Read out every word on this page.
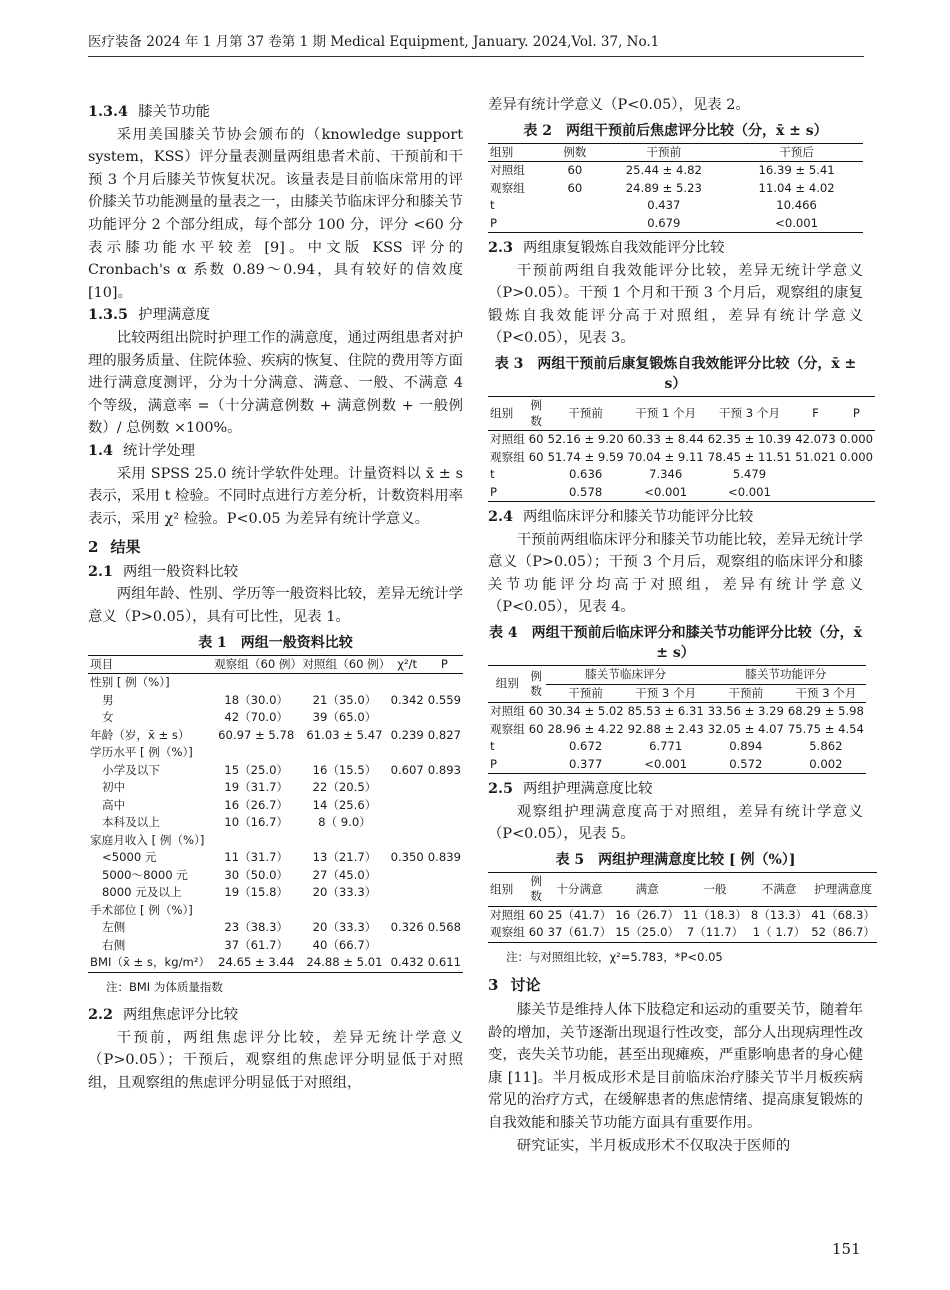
医疗装备 2024 年 1 月第 37 卷第 1 期 Medical Equipment, January. 2024,Vol. 37, No.1
1.3.4 膝关节功能

采用美国膝关节协会颁布的（knowledge support system，KSS）评分量表测量两组患者术前、干预前和干预 3 个月后膝关节恢复状况。该量表是目前临床常用的评价膝关节功能测量的量表之一，由膝关节临床评分和膝关节功能评分 2 个部分组成，每个部分 100 分，评分 <60 分表示膝功能水平较差 [9]。中文版 KSS 评分的 Cronbach's α 系数 0.89～0.94，具有较好的信效度 [10]。

1.3.5 护理满意度

比较两组出院时护理工作的满意度，通过两组患者对护理的服务质量、住院体验、疾病的恢复、住院的费用等方面进行满意度测评，分为十分满意、满意、一般、不满意 4 个等级，满意率 =（十分满意例数 + 满意例数 + 一般例数）/ 总例数 ×100%。

1.4 统计学处理

采用 SPSS 25.0 统计学软件处理。计量资料以 x̄ ± s 表示，采用 t 检验。不同时点进行方差分析，计数资料用率表示，采用 χ² 检验。P<0.05 为差异有统计学意义。

2 结果
2.1 两组一般资料比较

两组年龄、性别、学历等一般资料比较，差异无统计学意义（P>0.05），具有可比性，见表 1。

表 1　两组一般资料比较
项目	观察组（60 例）	对照组（60 例）	χ²/t	P
性别 [ 例（%）]				
男	18（30.0）	21（35.0）	0.342	0.559
女	42（70.0）	39（65.0）		
年龄（岁，x̄ ± s）	60.97 ± 5.78	61.03 ± 5.47	0.239	0.827
学历水平 [ 例（%）]				
小学及以下	15（25.0）	16（15.5）	0.607	0.893
初中	19（31.7）	22（20.5）		
高中	16（26.7）	14（25.6）		
本科及以上	10（16.7）	8（ 9.0）		
家庭月收入 [ 例（%）]				
<5000 元	11（31.7）	13（21.7）	0.350	0.839
5000～8000 元	30（50.0）	27（45.0）		
8000 元及以上	19（15.8）	20（33.3）		
手术部位 [ 例（%）]				
左侧	23（38.3）	20（33.3）	0.326	0.568
右侧	37（61.7）	40（66.7）		
BMI（x̄ ± s，kg/m²）	24.65 ± 3.44	24.88 ± 5.01	0.432	0.611
注：BMI 为体质量指数
2.2 两组焦虑评分比较

干预前，两组焦虑评分比较，差异无统计学意义（P>0.05）；干预后，观察组的焦虑评分明显低于对照组，且观察组的焦虑评分明显低于对照组，

差异有统计学意义（P<0.05），见表 2。

表 2　两组干预前后焦虑评分比较（分，x̄ ± s）
组别	例数	干预前	干预后
对照组	60	25.44 ± 4.82	16.39 ± 5.41
观察组	60	24.89 ± 5.23	11.04 ± 4.02
t		0.437	10.466
P		0.679	<0.001
2.3 两组康复锻炼自我效能评分比较

干预前两组自我效能评分比较，差异无统计学意义（P>0.05）。干预 1 个月和干预 3 个月后，观察组的康复锻炼自我效能评分高于对照组，差异有统计学意义（P<0.05），见表 3。

表 3　两组干预前后康复锻炼自我效能评分比较（分，x̄ ± s）
组别	例数	干预前	干预 1 个月	干预 3 个月	F	P
对照组	60	52.16 ± 9.20	60.33 ± 8.44	62.35 ± 10.39	42.073	0.000
观察组	60	51.74 ± 9.59	70.04 ± 9.11	78.45 ± 11.51	51.021	0.000
t		0.636	7.346	5.479		
P		0.578	<0.001	<0.001		
2.4 两组临床评分和膝关节功能评分比较

干预前两组临床评分和膝关节功能比较，差异无统计学意义（P>0.05）；干预 3 个月后，观察组的临床评分和膝关节功能评分均高于对照组，差异有统计学意义（P<0.05），见表 4。

表 4　两组干预前后临床评分和膝关节功能评分比较（分，x̄ ± s）
组别	例数	膝关节临床评分		膝关节功能评分	
		干预前	干预 3 个月	干预前	干预 3 个月
对照组	60	30.34 ± 5.02	85.53 ± 6.31	33.56 ± 3.29	68.29 ± 5.98
观察组	60	28.96 ± 4.22	92.88 ± 2.43	32.05 ± 4.07	75.75 ± 4.54
t		0.672	6.771	0.894	5.862
P		0.377	<0.001	0.572	0.002
2.5 两组护理满意度比较

观察组护理满意度高于对照组，差异有统计学意义（P<0.05），见表 5。

表 5　两组护理满意度比较 [ 例（%）]
组别	例数	十分满意	满意	一般	不满意	护理满意度
对照组	60	25（41.7）	16（26.7）	11（18.3）	8（13.3）	41（68.3）
观察组	60	37（61.7）	15（25.0）	7（11.7）	1（ 1.7）	52（86.7）
注：与对照组比较，χ²=5.783，*P<0.05
3 讨论

膝关节是维持人体下肢稳定和运动的重要关节，随着年龄的增加，关节逐渐出现退行性改变，部分人出现病理性改变，丧失关节功能，甚至出现瘫痪，严重影响患者的身心健康 [11]。半月板成形术是目前临床治疗膝关节半月板疾病常见的治疗方式，在缓解患者的焦虑情绪、提高康复锻炼的自我效能和膝关节功能方面具有重要作用。

研究证实，半月板成形术不仅取决于医师的

151
